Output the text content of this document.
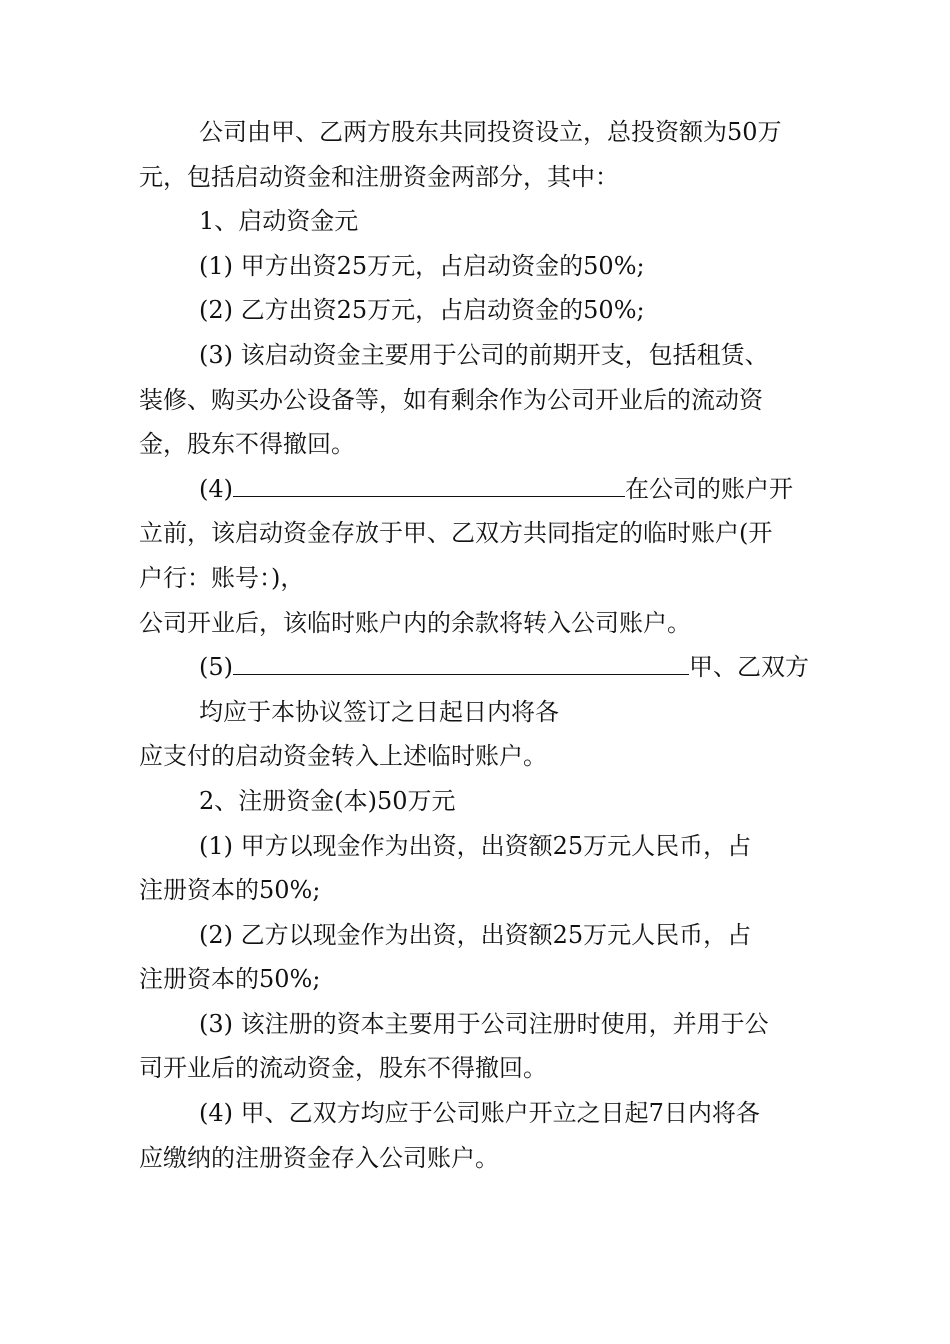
公司由甲、乙两方股东共同投资设立，总投资额为50万

元，包括启动资金和注册资金两部分，其中：

1、启动资金元

(1) 甲方出资25万元，占启动资金的50%;

(2) 乙方出资25万元，占启动资金的50%;

(3) 该启动资金主要用于公司的前期开支，包括租赁、

装修、购买办公设备等，如有剩余作为公司开业后的流动资

金，股东不得撤回。

(4)	在公司的账户开

立前，该启动资金存放于甲、乙双方共同指定的临时账户(开

户行：账号：)，

公司开业后，该临时账户内的余款将转入公司账户。

(5)	甲、乙双方

均应于本协议签订之日起日内将各

应支付的启动资金转入上述临时账户。

2、注册资金(本)50万元

(1) 甲方以现金作为出资，出资额25万元人民币，占

注册资本的50%;

(2) 乙方以现金作为出资，出资额25万元人民币，占

注册资本的50%;

(3) 该注册的资本主要用于公司注册时使用，并用于公

司开业后的流动资金，股东不得撤回。

(4) 甲、乙双方均应于公司账户开立之日起7日内将各

应缴纳的注册资金存入公司账户。
